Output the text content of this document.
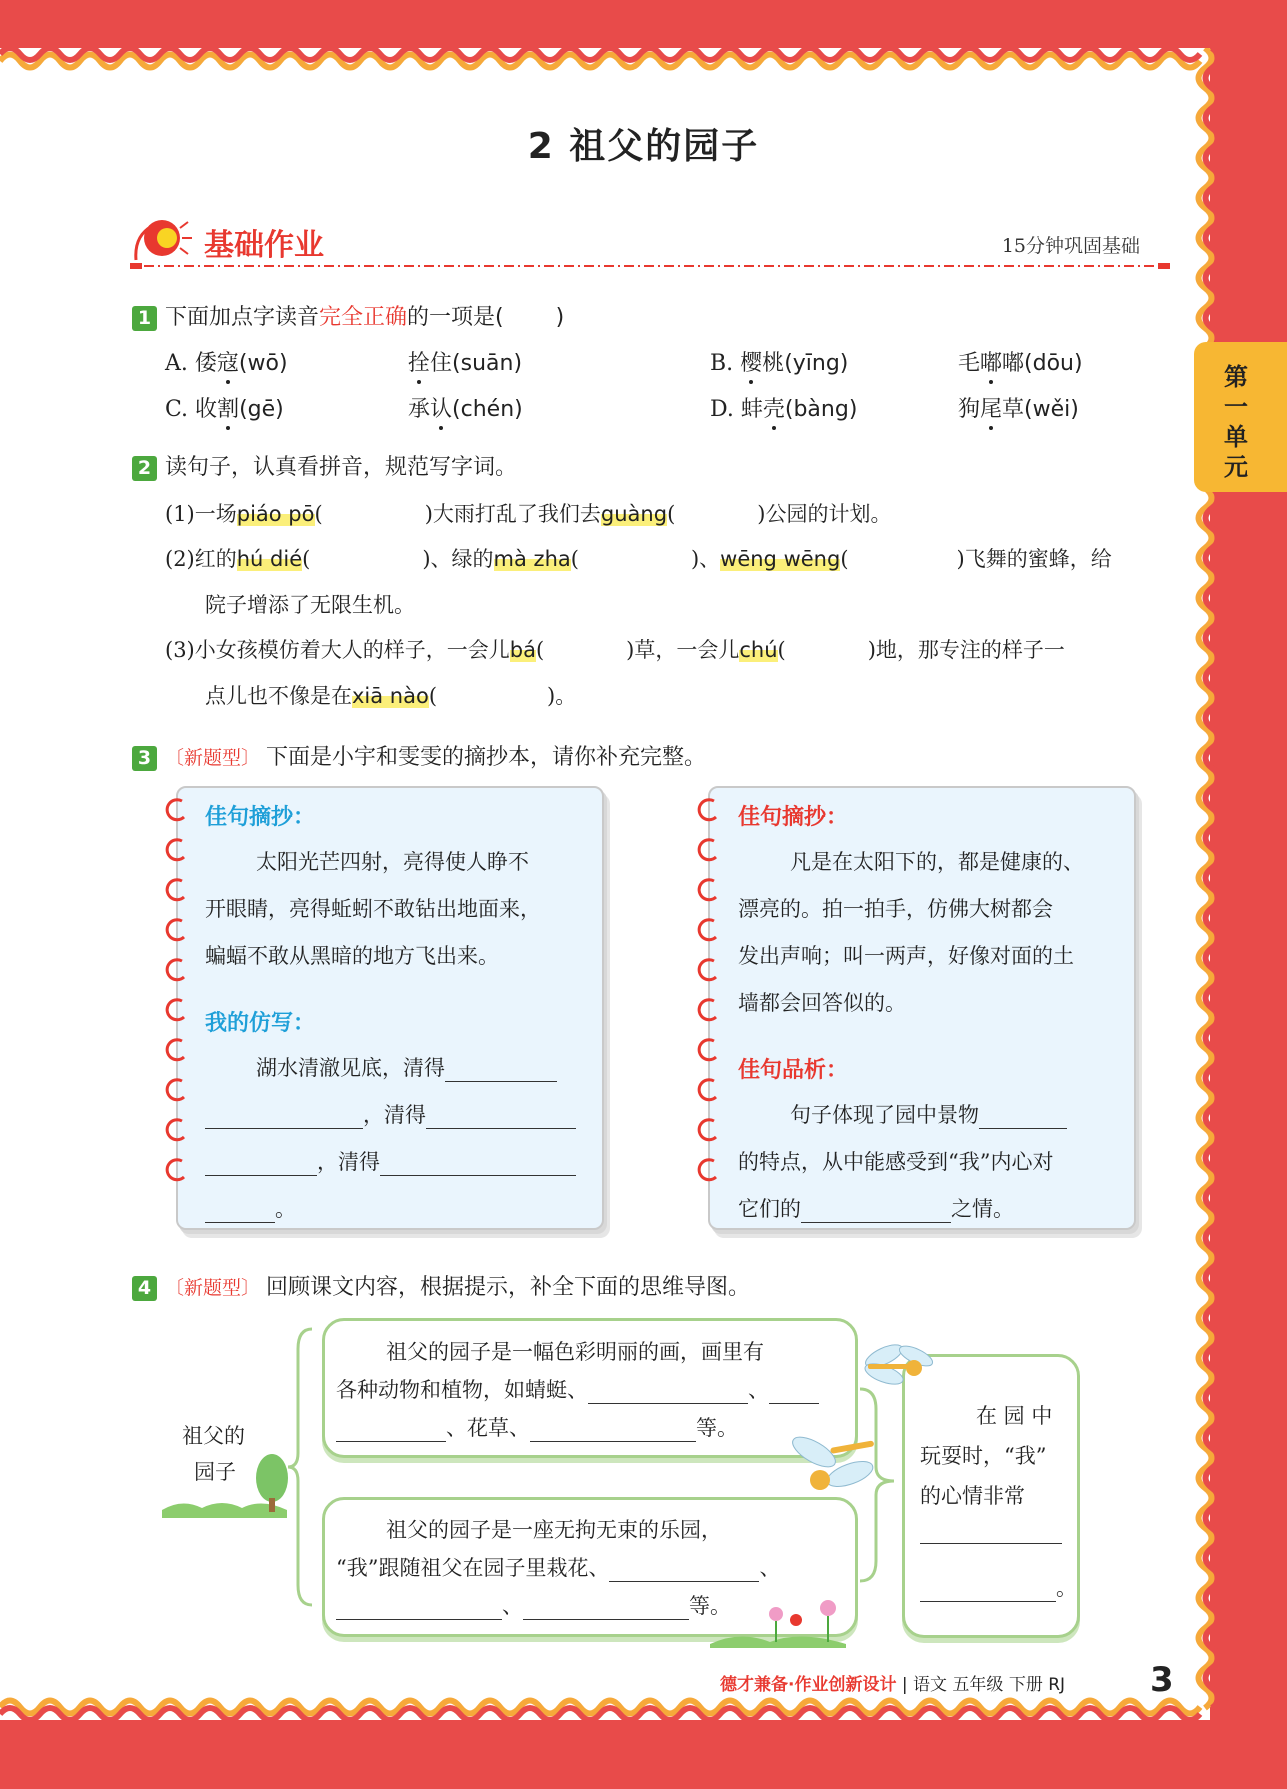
2 祖父的园子
第一单元
基础作业	15分钟巩固基础
1 下面加点字读音完全正确的一项是( )
A. 倭寇(wō)	拴住(suān)	B. 樱桃(yīng)	毛嘟嘟(dōu)
C. 收割(gē)	承认(chén)	D. 蚌壳(bàng)	狗尾草(wěi)
2 读句子，认真看拼音，规范写字词。
(1)一场piáo pō(	)大雨打乱了我们去guàng(	)公园的计划。
(2)红的hú dié(	)、绿的mà zha(	)、wēng wēng(	)飞舞的蜜蜂，给
院子增添了无限生机。
(3)小女孩模仿着大人的样子，一会儿bá(	)草，一会儿chú(	)地，那专注的样子一
点儿也不像是在xiā nào(	)。
3 〔新题型〕 下面是小宇和雯雯的摘抄本，请你补充完整。
佳句摘抄：
太阳光芒四射，亮得使人睁不
开眼睛，亮得蚯蚓不敢钻出地面来，
蝙蝠不敢从黑暗的地方飞出来。
我的仿写：
湖水清澈见底，清得
，清得
，清得
。
佳句摘抄：
凡是在太阳下的，都是健康的、
漂亮的。拍一拍手，仿佛大树都会
发出声响；叫一两声，好像对面的土
墙都会回答似的。
佳句品析：
句子体现了园中景物
的特点，从中能感受到“我”内心对
它们的	之情。
4 〔新题型〕 回顾课文内容，根据提示，补全下面的思维导图。
祖父的
园子
祖父的园子是一幅色彩明丽的画，画里有
各种动物和植物，如蜻蜓、	、
、花草、	等。
祖父的园子是一座无拘无束的乐园，
“我”跟随祖父在园子里栽花、	、
、	等。
在 园 中
玩耍时，“我”
的心情非常
。
德才兼备·作业创新设计 | 语文 五年级 下册 RJ 3
